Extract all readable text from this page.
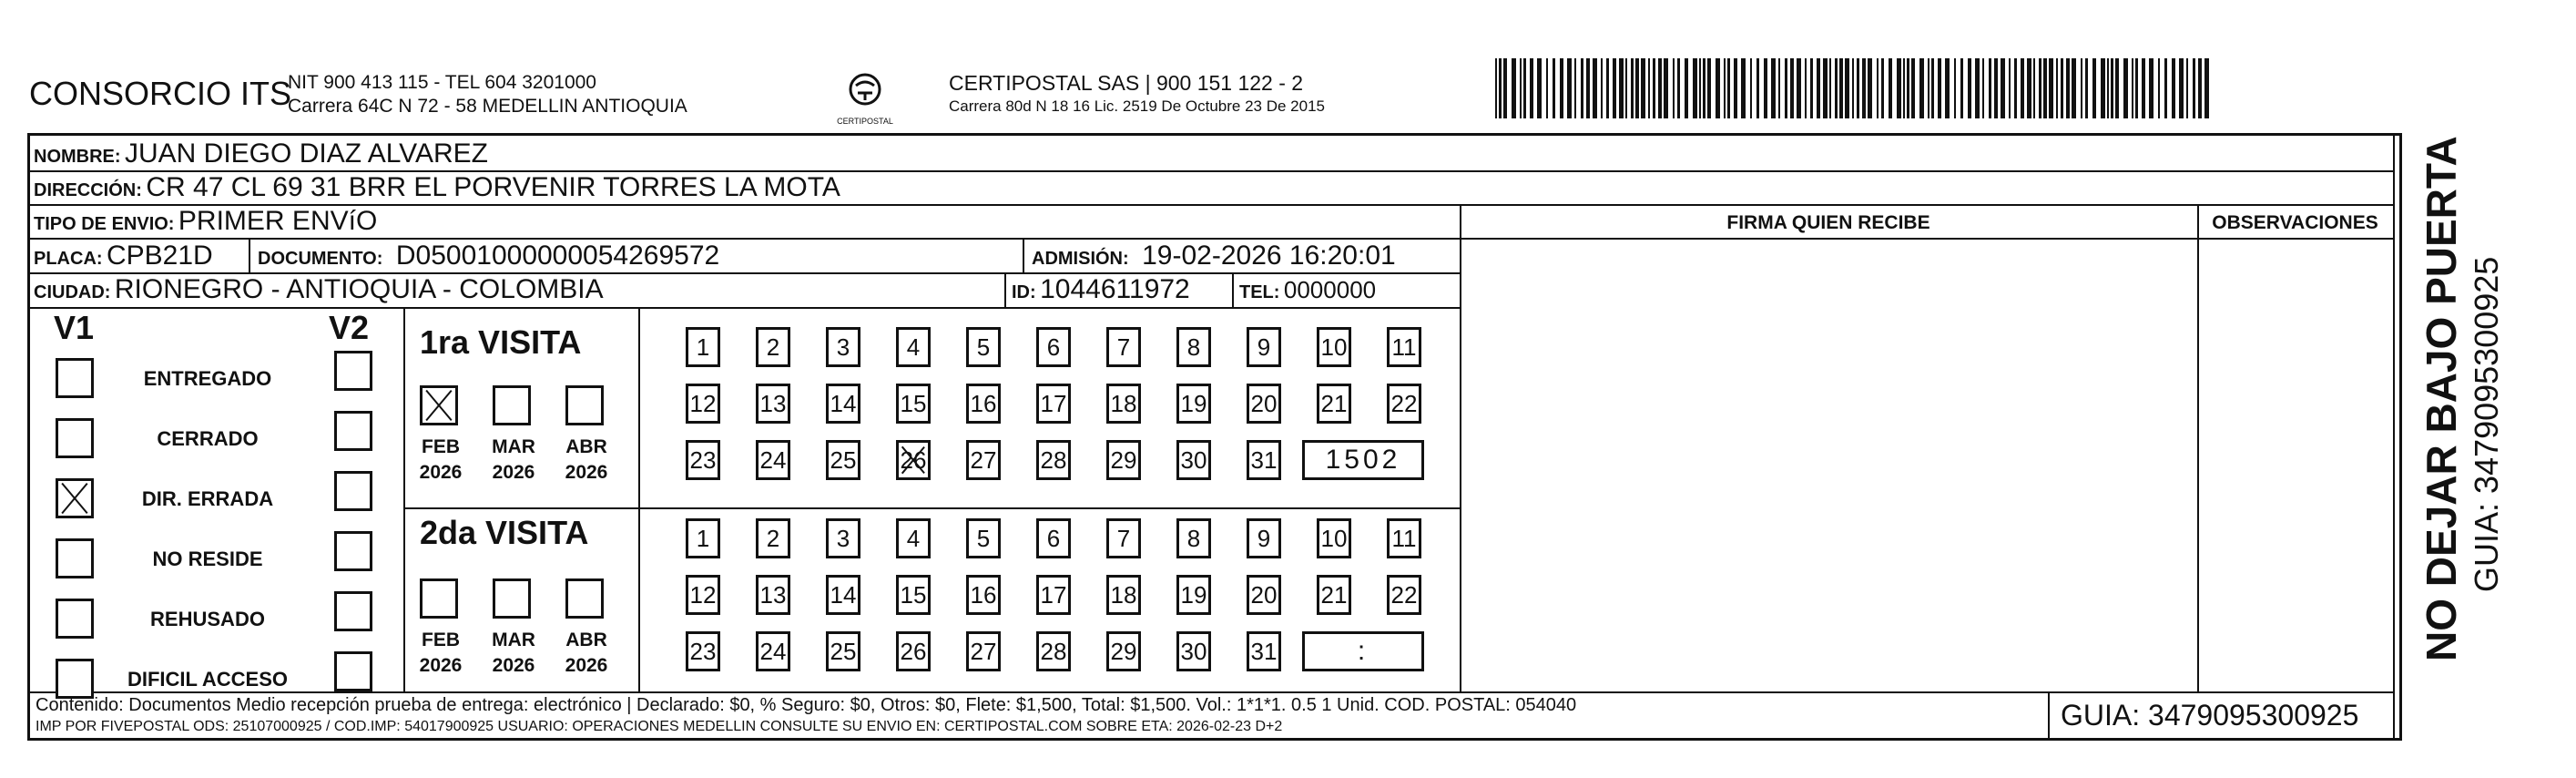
CONSORCIO ITS
NIT 900 413 115 - TEL 604 3201000
Carrera 64C N 72 - 58 MEDELLIN ANTIOQUIA
CERTIPOSTAL
CERTIPOSTAL SAS | 900 151 122 - 2
Carrera 80d N 18 16 Lic. 2519 De Octubre 23 De 2015
NOMBRE: JUAN DIEGO DIAZ ALVAREZ
DIRECCIÓN: CR 47 CL 69 31 BRR EL PORVENIR TORRES LA MOTA
TIPO DE ENVIO: PRIMER ENVíO	FIRMA QUIEN RECIBE	OBSERVACIONES
PLACA: CPB21D DOCUMENTO: D05001000000054269572	ADMISIÓN: 19-02-2026 16:20:01
CIUDAD: RIONEGRO - ANTIOQUIA - COLOMBIA	ID: 1044611972	TEL: 0000000
V1	V2
ENTREGADO
CERRADO
DIR. ERRADA
NO RESIDE
REHUSADO
DIFICIL ACCESO
1ra VISITA
2da VISITA
FEB
2026
MAR
2026
ABR
2026
FEB
2026
MAR
2026
ABR
2026
1	2	3	4	5	6	7	8	9	10 11
12 13 14 15 16 17 18 19 20 21 22
23 24 25 26 27 28 29 30 31	1502
1	2	3	4	5	6	7	8	9	10 11
12 13 14 15 16 17 18 19 20 21 22
23 24 25 26 27 28 29 30 31	:
Contenido: Documentos Medio recepción prueba de entrega: electrónico | Declarado: $0, % Seguro: $0, Otros: $0, Flete: $1,500, Total: $1,500. Vol.: 1*1*1. 0.5 1 Unid. COD. POSTAL: 054040
IMP POR FIVEPOSTAL ODS: 25107000925 / COD.IMP: 54017900925 USUARIO: OPERACIONES MEDELLIN CONSULTE SU ENVIO EN: CERTIPOSTAL.COM SOBRE ETA: 2026-02-23 D+2	GUIA: 3479095300925
NO DEJAR BAJO PUERTA GUIA: 3479095300925
